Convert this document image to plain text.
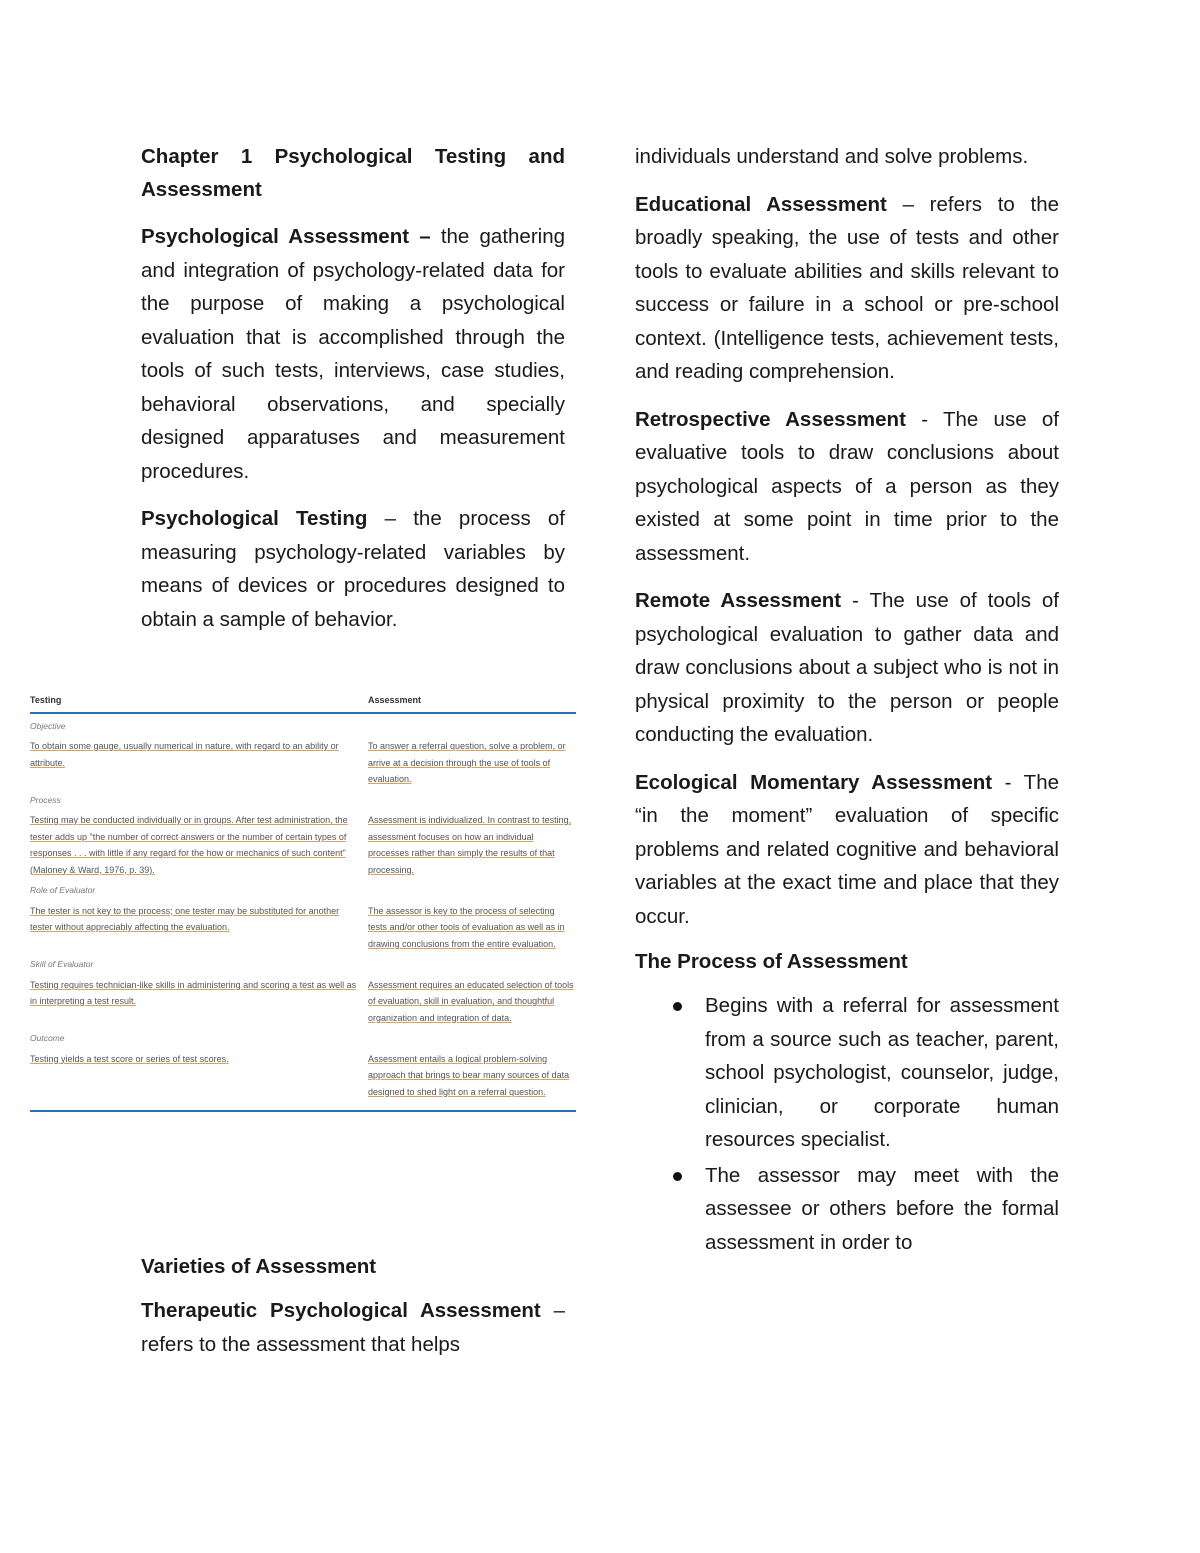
Chapter 1 Psychological Testing and Assessment

Psychological Assessment – the gathering and integration of psychology-related data for the purpose of making a psychological evaluation that is accomplished through the tools of such tests, interviews, case studies, behavioral observations, and specially designed apparatuses and measurement procedures.

Psychological Testing – the process of measuring psychology-related variables by means of devices or procedures designed to obtain a sample of behavior.

Testing	Assessment
Objective
To obtain some gauge, usually numerical in nature, with regard to an ability or attribute.
To answer a referral question, solve a problem, or arrive at a decision through the use of tools of evaluation.
Process
Testing may be conducted individually or in groups. After test administration, the tester adds up "the number of correct answers or the number of certain types of responses . . . with little if any regard for the how or mechanics of such content" (Maloney & Ward, 1976, p. 39).
Assessment is individualized. In contrast to testing, assessment focuses on how an individual processes rather than simply the results of that processing.
Role of Evaluator
The tester is not key to the process; one tester may be substituted for another tester without appreciably affecting the evaluation.
The assessor is key to the process of selecting tests and/or other tools of evaluation as well as in drawing conclusions from the entire evaluation.
Skill of Evaluator
Testing requires technician-like skills in administering and scoring a test as well as in interpreting a test result.
Assessment requires an educated selection of tools of evaluation, skill in evaluation, and thoughtful organization and integration of data.
Outcome
Testing yields a test score or series of test scores.	Assessment entails a logical problem-solving approach that brings to bear many sources of data designed to shed light on a referral question.
Varieties of Assessment

Therapeutic Psychological Assessment – refers to the assessment that helps

individuals understand and solve problems.

Educational Assessment – refers to the broadly speaking, the use of tests and other tools to evaluate abilities and skills relevant to success or failure in a school or pre-school context. (Intelligence tests, achievement tests, and reading comprehension.

Retrospective Assessment - The use of evaluative tools to draw conclusions about psychological aspects of a person as they existed at some point in time prior to the assessment.

Remote Assessment - The use of tools of psychological evaluation to gather data and draw conclusions about a subject who is not in physical proximity to the person or people conducting the evaluation.

Ecological Momentary Assessment - The “in the moment” evaluation of specific problems and related cognitive and behavioral variables at the exact time and place that they occur.

The Process of Assessment
Begins with a referral for assessment from a source such as teacher, parent, school psychologist, counselor, judge, clinician, or corporate human resources specialist.
The assessor may meet with the assessee or others before the formal assessment in order to
